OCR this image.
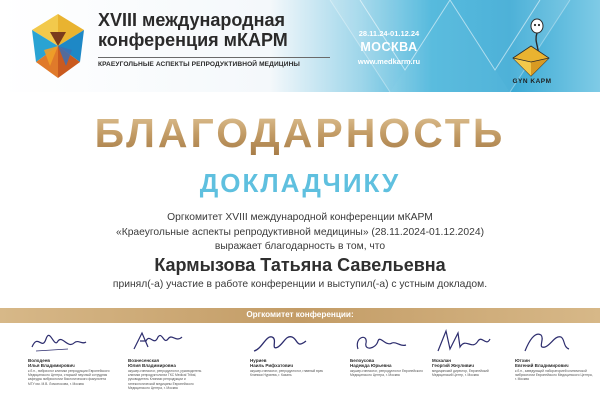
XVIII международная
конференция мКАРМ
КРАЕУГОЛЬНЫЕ АСПЕКТЫ РЕПРОДУКТИВНОЙ МЕДИЦИНЫ
28.11.24-01.12.24
МОСКВА
www.medkarm.ru
GYN KAPM
БЛАГОДАРНОСТЬ
ДОКЛАДЧИКУ
Оргкомитет XVIII международной конференции мКАРМ
«Краеугольные аспекты репродуктивной медицины» (28.11.2024-01.12.2024)
выражает благодарность в том, что
Кармызова Татьяна Савельевна
принял(-а) участие в работе конференции и выступил(-а) с устным докладом.
Оргкомитет конференции:
Володеев
Илья Владимирович
к.б.н., эмбриолог клиники репродукции Европейского Медицинского Центра, старший научный сотрудник кафедры эмбриологии биологического факультета МГУ им. М.В. Ломоносова, г. Москва
Вознесенская
Юлия Владимировна
акушер-гинеколог, репродуктолог, руководитель клиники репродуктологии ГКС Medical Tribal, руководитель Клиники репродукции и гинекологической медицины Европейского Медицинского Центра, г. Москва
Нуриев
Наиль Рифхатович
акушер-гинеколог, репродуктолог, главный врач Клиники Нуриева, г. Казань
Белоусова
Надежда Юрьевна
акушер-гинеколог, репродуктолог Европейского Медицинского Центра, г. Москва
Мскалан
Георгий Жнуливич
медицинский директор, Европейский Медицинский Центр, г. Москва
Ютхин
Евгений Владимирович
к.б.н., заведующий лабораторией клинической эмбриологии Европейского Медицинского Центра, г. Москва
